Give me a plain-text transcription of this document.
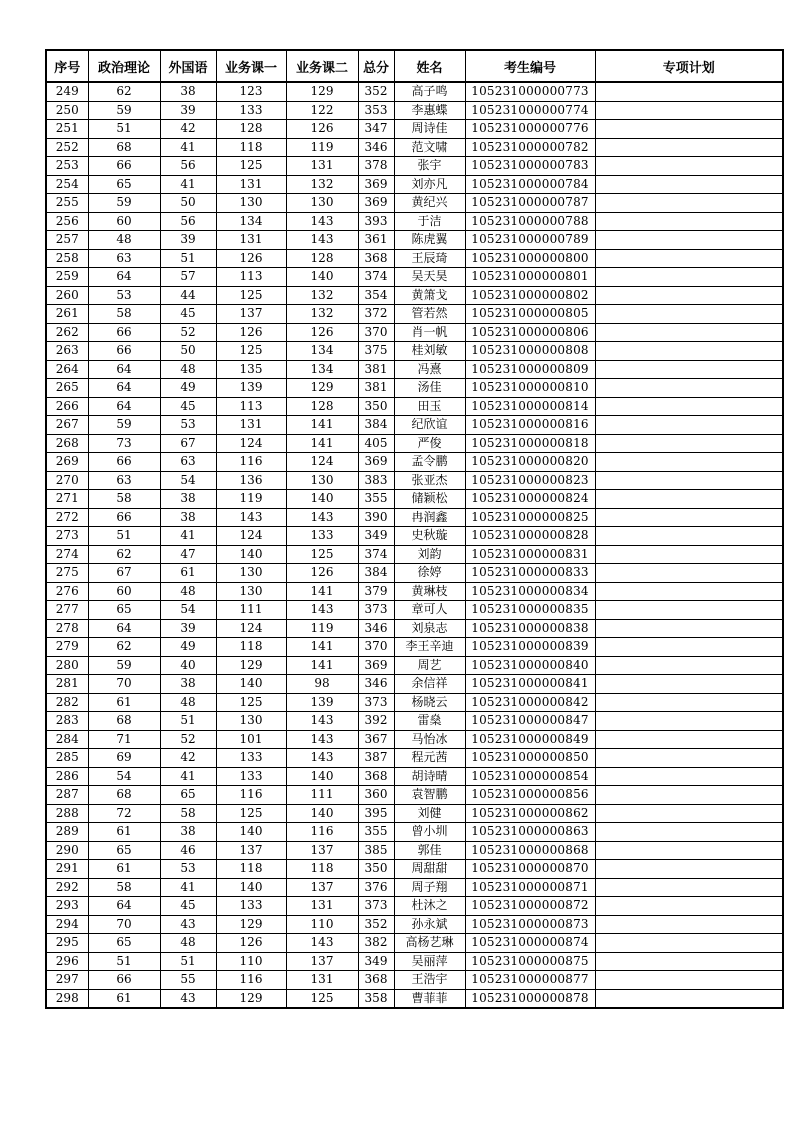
序号	政治理论	外国语	业务课一	业务课二	总分	姓名	考生编号	专项计划
249	62	38	123	129	352	高子鸣	105231000000773	
250	59	39	133	122	353	李惠蝶	105231000000774	
251	51	42	128	126	347	周诗佳	105231000000776	
252	68	41	118	119	346	范文啸	105231000000782	
253	66	56	125	131	378	张宇	105231000000783	
254	65	41	131	132	369	刘亦凡	105231000000784	
255	59	50	130	130	369	黄纪兴	105231000000787	
256	60	56	134	143	393	于洁	105231000000788	
257	48	39	131	143	361	陈虎翼	105231000000789	
258	63	51	126	128	368	王辰琦	105231000000800	
259	64	57	113	140	374	吴天昊	105231000000801	
260	53	44	125	132	354	黄箫戈	105231000000802	
261	58	45	137	132	372	管若然	105231000000805	
262	66	52	126	126	370	肖一帆	105231000000806	
263	66	50	125	134	375	桂刘敏	105231000000808	
264	64	48	135	134	381	冯熹	105231000000809	
265	64	49	139	129	381	汤佳	105231000000810	
266	64	45	113	128	350	田玉	105231000000814	
267	59	53	131	141	384	纪欣谊	105231000000816	
268	73	67	124	141	405	严俊	105231000000818	
269	66	63	116	124	369	孟令鹏	105231000000820	
270	63	54	136	130	383	张亚杰	105231000000823	
271	58	38	119	140	355	储颖松	105231000000824	
272	66	38	143	143	390	冉润鑫	105231000000825	
273	51	41	124	133	349	史秋璇	105231000000828	
274	62	47	140	125	374	刘韵	105231000000831	
275	67	61	130	126	384	徐婷	105231000000833	
276	60	48	130	141	379	黄琳枝	105231000000834	
277	65	54	111	143	373	章可人	105231000000835	
278	64	39	124	119	346	刘泉志	105231000000838	
279	62	49	118	141	370	李王辛迪	105231000000839	
280	59	40	129	141	369	周艺	105231000000840	
281	70	38	140	98	346	余信祥	105231000000841	
282	61	48	125	139	373	杨晓云	105231000000842	
283	68	51	130	143	392	雷燊	105231000000847	
284	71	52	101	143	367	马怡冰	105231000000849	
285	69	42	133	143	387	程元茜	105231000000850	
286	54	41	133	140	368	胡诗晴	105231000000854	
287	68	65	116	111	360	袁智鹏	105231000000856	
288	72	58	125	140	395	刘健	105231000000862	
289	61	38	140	116	355	曾小圳	105231000000863	
290	65	46	137	137	385	郭佳	105231000000868	
291	61	53	118	118	350	周甜甜	105231000000870	
292	58	41	140	137	376	周子翔	105231000000871	
293	64	45	133	131	373	杜沐之	105231000000872	
294	70	43	129	110	352	孙永斌	105231000000873	
295	65	48	126	143	382	高杨艺琳	105231000000874	
296	51	51	110	137	349	吴丽萍	105231000000875	
297	66	55	116	131	368	王浩宇	105231000000877	
298	61	43	129	125	358	曹菲菲	105231000000878	
